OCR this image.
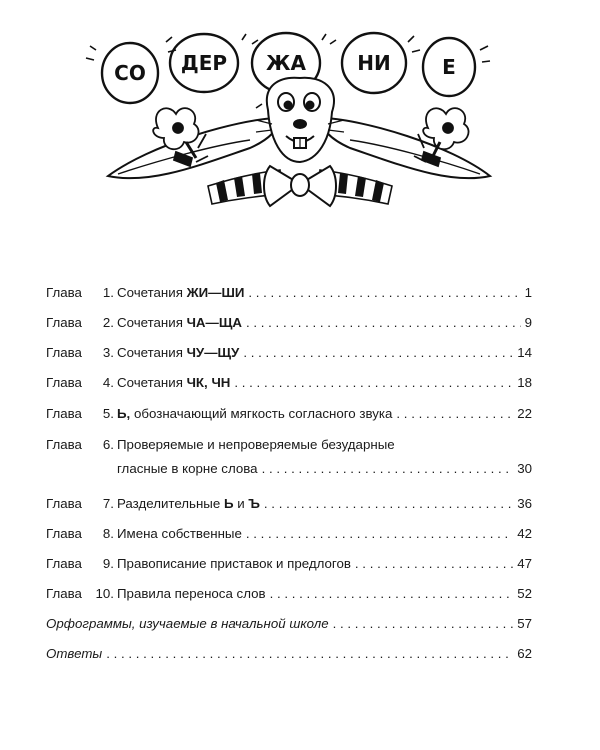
СО ДЕР ЖА	НИ	Е
Глава	1. Сочетания ЖИ—ШИ . . .	1
Глава	2. Сочетания ЧА—ЩА . . .	9
Глава	3. Сочетания ЧУ—ЩУ . . .	14
Глава	4. Сочетания ЧК, ЧН . . .	18
Глава	5. Ь, обозначающий мягкость согласного звука . . .	22
Глава	6. Проверяемые и непроверяемые безударные
гласные в корне слова . . .	30
Глава	7. Разделительные Ь и Ъ . . .	36
Глава	8. Имена собственные . . .	42
Глава	9. Правописание приставок и предлогов . . .	47
Глава 10. Правила переноса слов . . .	52
Орфограммы, изучаемые в начальной школе . . .	57
Ответы . . .	62
